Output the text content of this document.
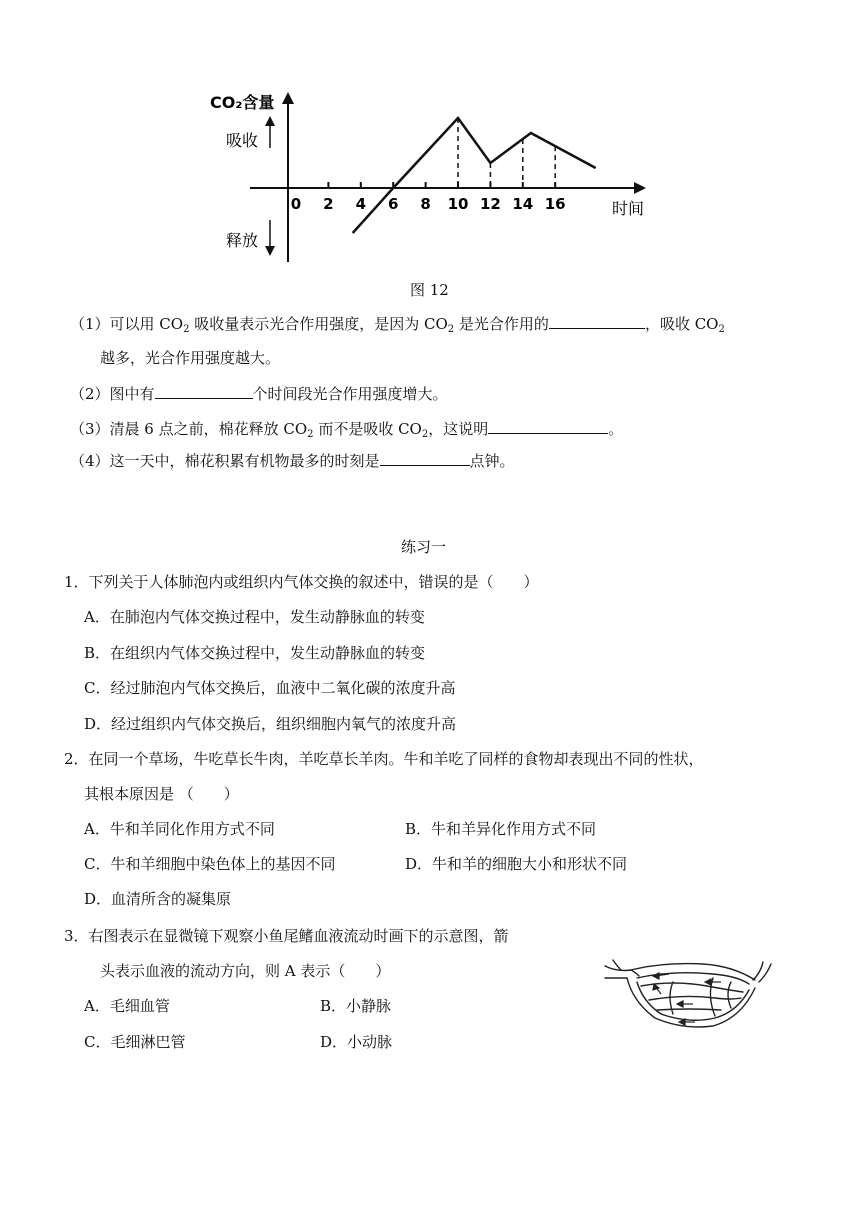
CO₂含量
吸收
释放
时间
0 2 4 6 8 10 12 14 16
图 12
（1）可以用 $CO_2$ 吸收量表示光合作用强度，是因为 $CO_2$ 是光合作用的	，吸收 $CO_2$
越多，光合作用强度越大。
（2）图中有	个时间段光合作用强度增大。
（3）清晨 6 点之前，棉花释放 $CO_2$ 而不是吸收 $CO_2$，这说明	。
（4）这一天中，棉花积累有机物最多的时刻是	点钟。
练习一
1．下列关于人体肺泡内或组织内气体交换的叙述中，错误的是（　　）
A．在肺泡内气体交换过程中，发生动静脉血的转变
B．在组织内气体交换过程中，发生动静脉血的转变
C．经过肺泡内气体交换后，血液中二氧化碳的浓度升高
D．经过组织内气体交换后，组织细胞内氧气的浓度升高
2．在同一个草场，牛吃草长牛肉，羊吃草长羊肉。牛和羊吃了同样的食物却表现出不同的性状，
其根本原因是 （　　）
A．牛和羊同化作用方式不同	B．牛和羊异化作用方式不同
C．牛和羊细胞中染色体上的基因不同	D．牛和羊的细胞大小和形状不同
D．血清所含的凝集原
3．右图表示在显微镜下观察小鱼尾鳍血液流动时画下的示意图，箭
头表示血液的流动方向，则 A 表示（　　）
A．毛细血管	B．小静脉
C．毛细淋巴管	D．小动脉
